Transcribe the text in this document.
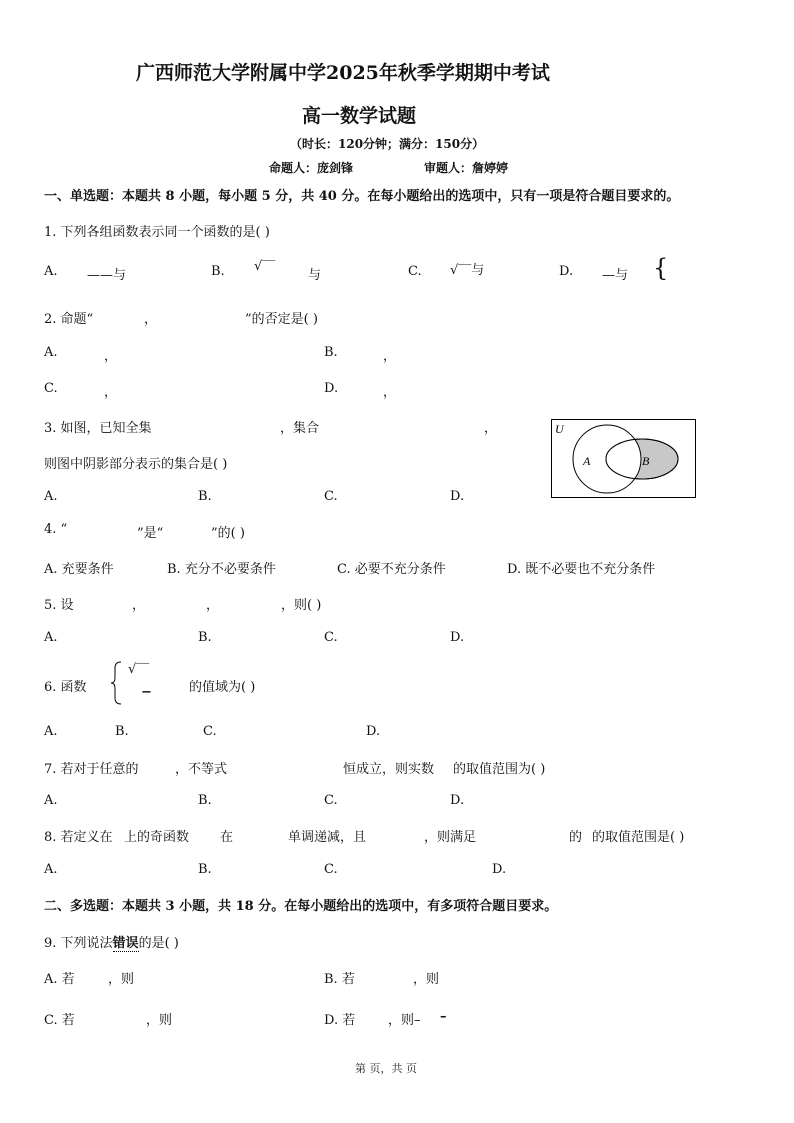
广西师范大学附属中学2025年秋季学期期中考试
高一数学试题
（时长：120分钟；满分：150分）
命题人：庞剑锋	审题人：詹婷婷
一、单选题：本题共 8 小题，每小题 5 分，共 40 分。在每小题给出的选项中，只有一项是符合题目要求的。
1. 下列各组函数表示同一个函数的是( )
A. ——与	B. √‾‾
与	C. √‾‾与	D. —与 {
2. 命题“	，	”的否定是( )
A.	，	B.	，
C.	，	D.	，
3. 如图，已知全集	，集合	，
则图中阴影部分表示的集合是( )
A.	B.	C.	D.
U
A	B
4. “	”是“	”的( )
A. 充要条件	B. 充分不必要条件	C. 必要不充分条件	D. 既不必要也不充分条件
5. 设	，	，	，则( )
A.	B.	C.	D.
6. 函数
√‾‾
−	的值域为( )
A.	B.	C.	D.
7. 若对于任意的	，不等式	恒成立，则实数 的取值范围为( )
A.	B.	C.	D.
8. 若定义在 上的奇函数 在	单调递减，且	，则满足	的 的取值范围是( )
A.	B.	C.	D.
二、多选题：本题共 3 小题，共 18 分。在每小题给出的选项中，有多项符合题目要求。
9. 下列说法错误的是( )
A. 若	，则	B. 若	，则
C. 若	，则	D. 若	，则– –
第 页，共 页
